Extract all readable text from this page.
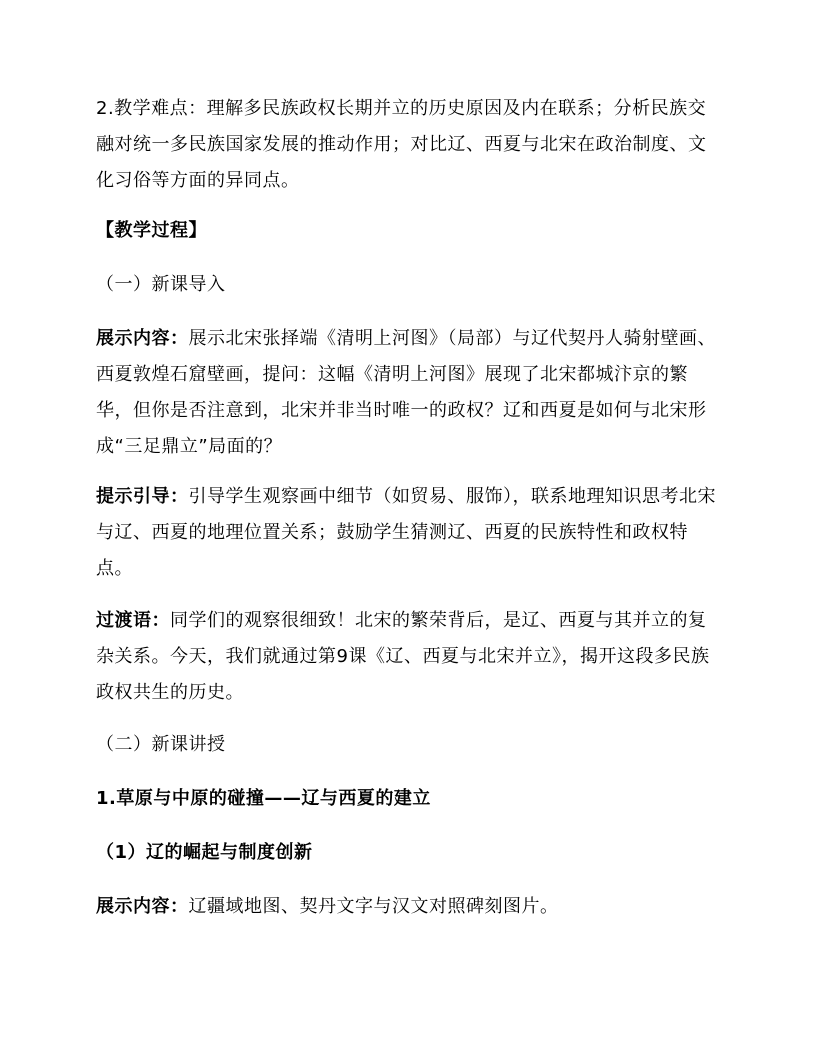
2.教学难点：理解多民族政权长期并立的历史原因及内在联系；分析民族交融对统一多民族国家发展的推动作用；对比辽、西夏与北宋在政治制度、文化习俗等方面的异同点。

【教学过程】

（一）新课导入

展示内容：展示北宋张择端《清明上河图》（局部）与辽代契丹人骑射壁画、西夏敦煌石窟壁画，提问：这幅《清明上河图》展现了北宋都城汴京的繁华，但你是否注意到，北宋并非当时唯一的政权？辽和西夏是如何与北宋形成“三足鼎立”局面的？

提示引导：引导学生观察画中细节（如贸易、服饰），联系地理知识思考北宋与辽、西夏的地理位置关系；鼓励学生猜测辽、西夏的民族特性和政权特点。

过渡语：同学们的观察很细致！北宋的繁荣背后，是辽、西夏与其并立的复杂关系。今天，我们就通过第9课《辽、西夏与北宋并立》，揭开这段多民族政权共生的历史。

（二）新课讲授

1.草原与中原的碰撞——辽与西夏的建立

（1）辽的崛起与制度创新

展示内容：辽疆域地图、契丹文字与汉文对照碑刻图片。
